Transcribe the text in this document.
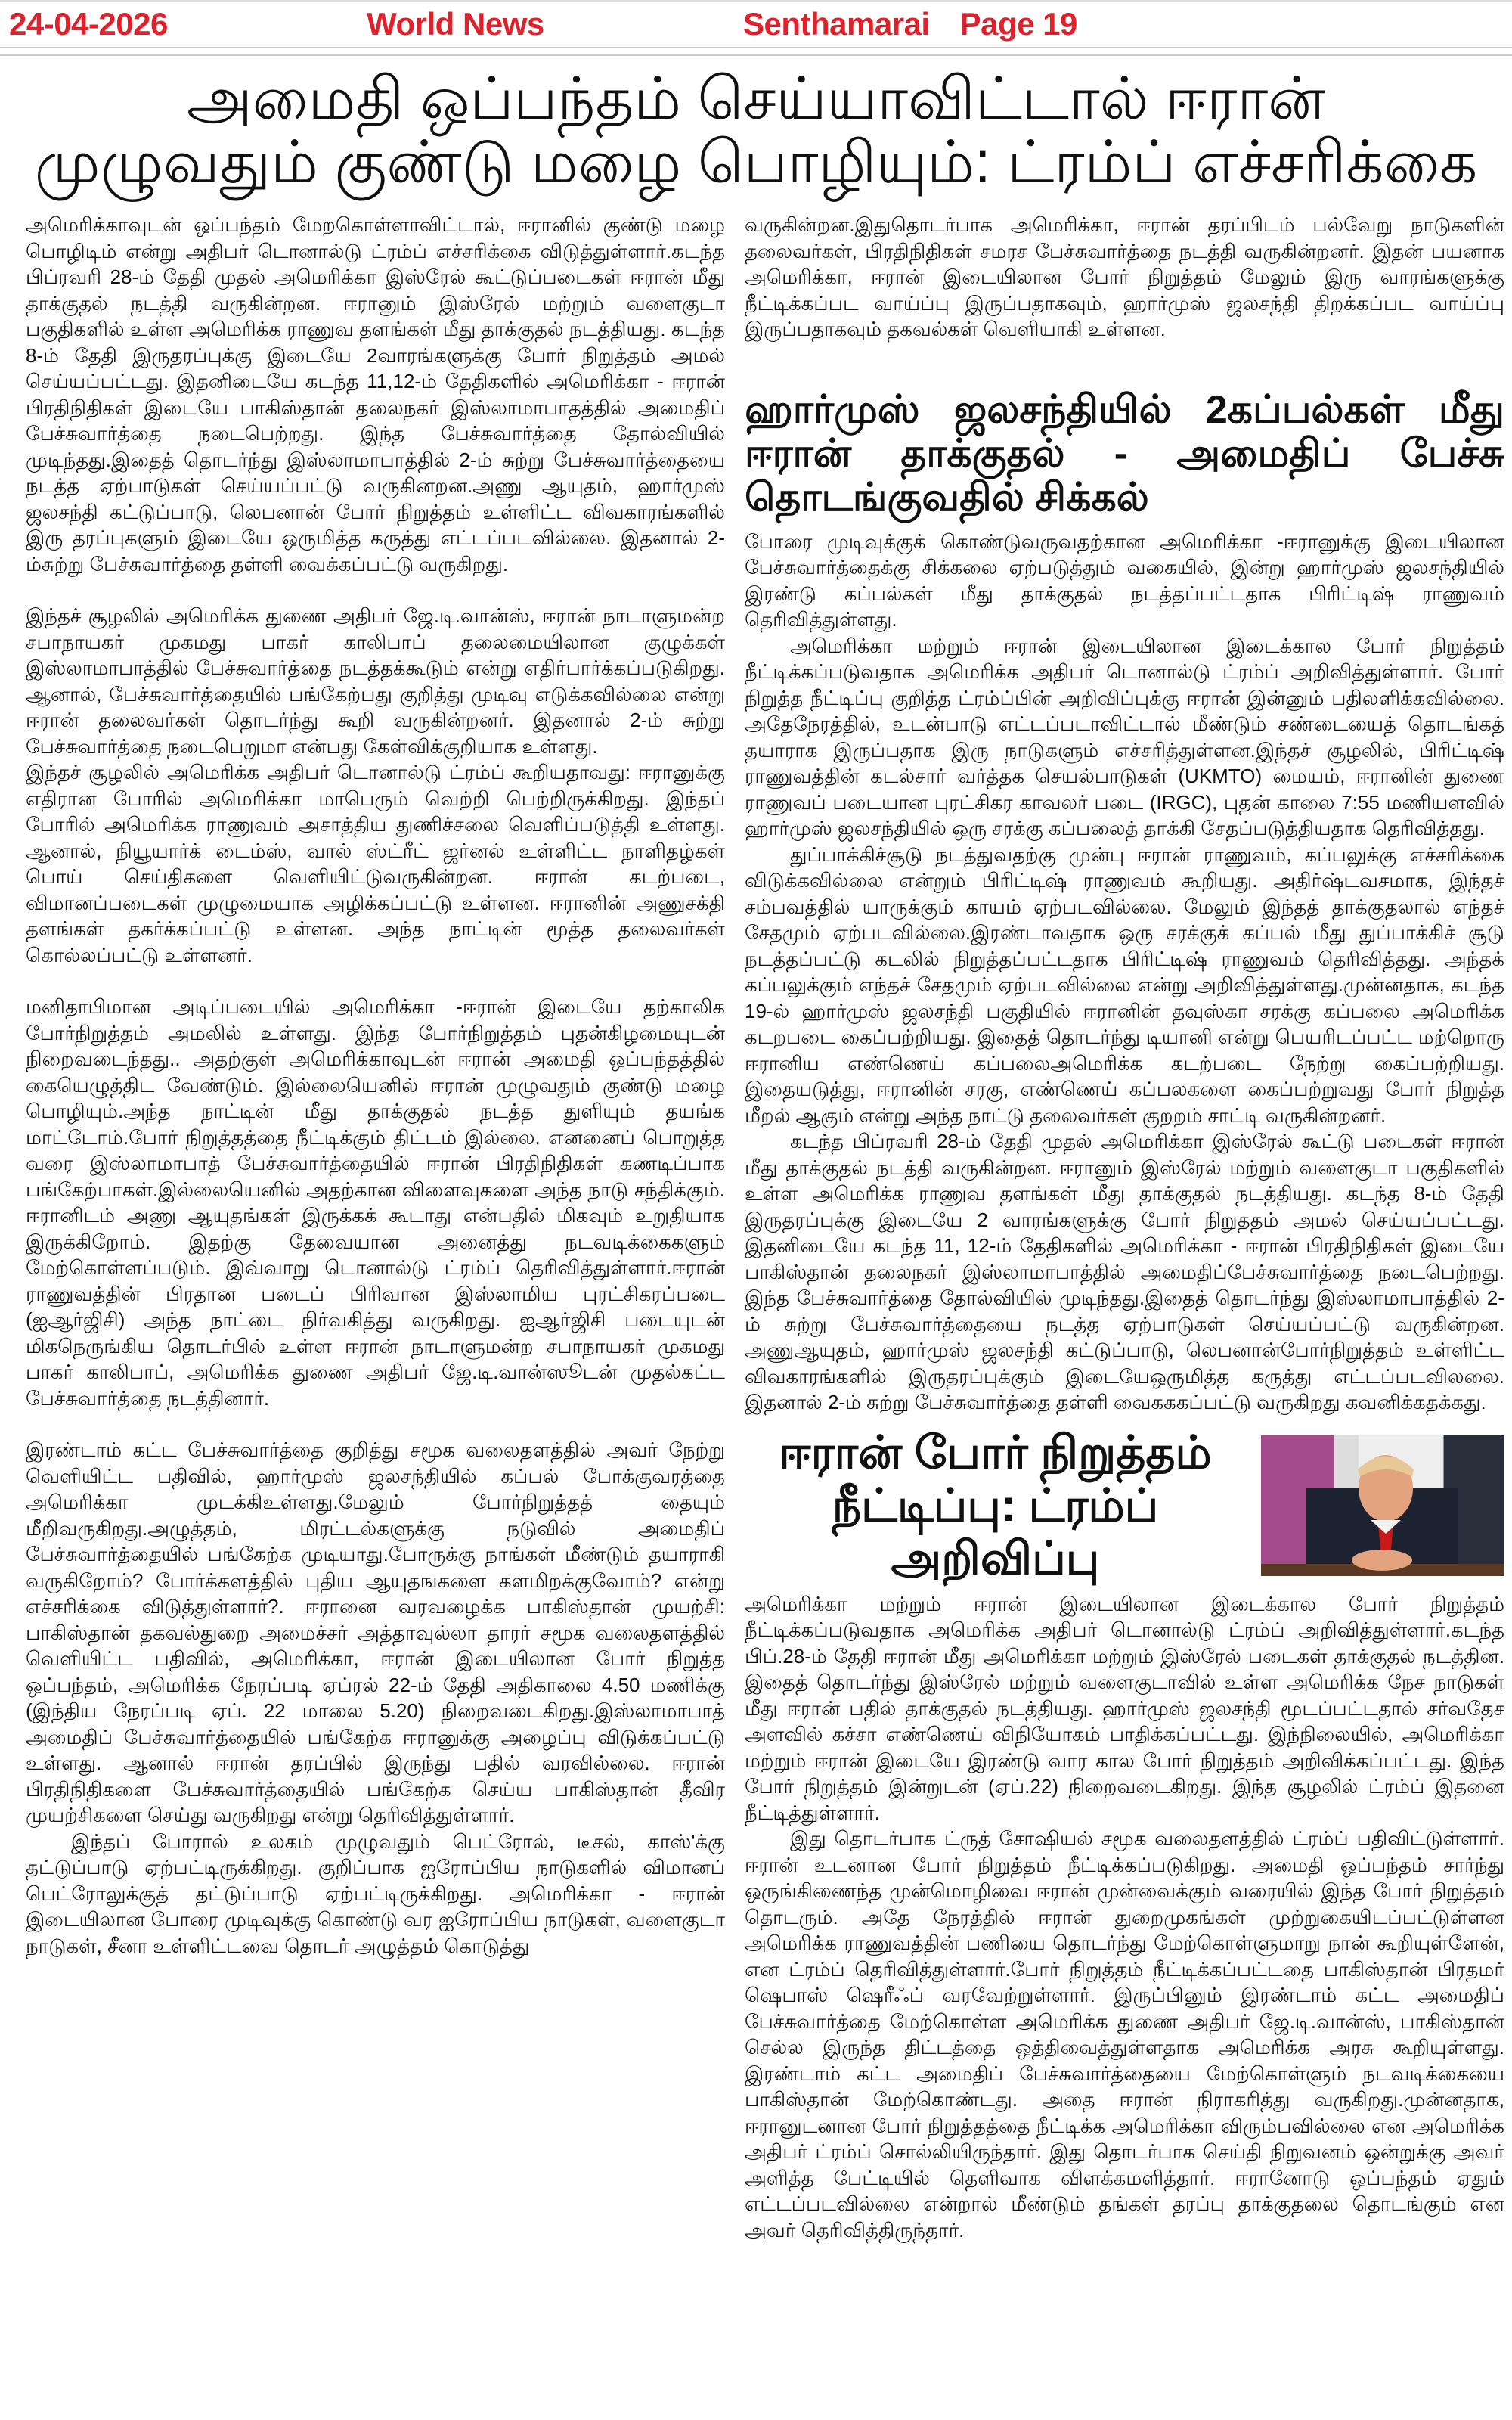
24-04-2026	World News	Senthamarai Page 19
அமைதி ஒப்பந்தம் செய்யாவிட்டால் ஈரான்
முழுவதும் குண்டு மழை பொழியும்: ட்ரம்ப் எச்சரிக்கை

அமெரிக்காவுடன் ஒப்பந்தம் மேறகொள்ளாவிட்டால், ஈரானில் குண்டு மழை பொழிடிம் என்று அதிபர் டொனால்டு ட்ரம்ப் எச்சரிக்கை விடுத்துள்ளார்.கடந்த பிப்ரவரி 28-ம் தேதி முதல் அமெரிக்கா இஸ்ரேல் கூட்டுப்படைகள் ஈரான் மீது தாக்குதல் நடத்தி வருகின்றன. ஈரானும் இஸ்ரேல் மற்றும் வளைகுடா பகுதிகளில் உள்ள அமெரிக்க ராணுவ தளங்கள் மீது தாக்குதல் நடத்தியது. கடந்த 8-ம் தேதி இருதரப்புக்கு இடையே 2வாரங்களுக்கு போர் நிறுத்தம் அமல் செய்யப்பட்டது. இதனிடையே கடந்த 11,12-ம் தேதிகளில் அமெரிக்கா - ஈரான் பிரதிநிதிகள் இடையே பாகிஸ்தான் தலைநகர் இஸ்லாமாபாதத்தில் அமைதிப் பேச்சுவார்த்தை நடைபெற்றது. இந்த பேச்சுவார்த்தை தோல்வியில் முடிந்தது.இதைத் தொடர்ந்து இஸ்லாமாபாத்தில் 2-ம் சுற்று பேச்சுவார்த்தையை நடத்த ஏற்பாடுகள் செய்யப்பட்டு வருகினறன.அணு ஆயுதம், ஹார்முஸ் ஜலசந்தி கட்டுப்பாடு, லெபனான் போர் நிறுத்தம் உள்ளிட்ட விவகாரங்களில் இரு தரப்புகளும் இடையே ஒருமித்த கருத்து எட்டப்படவில்லை. இதனால் 2-ம்சுற்று பேச்சுவார்த்தை தள்ளி வைக்கப்பட்டு வருகிறது.

இந்தச் சூழலில் அமெரிக்க துணை அதிபர் ஜே.டி.வான்ஸ், ஈரான் நாடாளுமன்ற சபாநாயகர் முகமது பாகர் காலிபாப் தலைமையிலான குழுக்கள் இஸ்லாமாபாத்தில் பேச்சுவார்த்தை நடத்தக்கூடும் என்று எதிர்பார்க்கப்படுகிறது. ஆனால், பேச்சுவார்த்தையில் பங்கேற்பது குறித்து முடிவு எடுக்கவில்லை என்று ஈரான் தலைவர்கள் தொடர்ந்து கூறி வருகின்றனர். இதனால் 2-ம் சுற்று பேச்சுவார்த்தை நடைபெறுமா என்பது கேள்விக்குறியாக உள்ளது.
இந்தச் சூழலில் அமெரிக்க அதிபர் டொனால்டு ட்ரம்ப் கூறியதாவது: ஈரானுக்கு எதிரான போரில் அமெரிக்கா மாபெரும் வெற்றி பெற்றிருக்கிறது. இந்தப் போரில் அமெரிக்க ராணுவம் அசாத்திய துணிச்சலை வெளிப்படுத்தி உள்ளது. ஆனால், நியூயார்க் டைம்ஸ், வால் ஸ்ட்ரீட் ஜர்னல் உள்ளிட்ட நாளிதழ்கள் பொய் செய்திகளை வெளியிட்டுவருகின்றன. ஈரான் கடற்படை, விமானப்படைகள் முழுமையாக அழிக்கப்பட்டு உள்ளன. ஈரானின் அணுசக்தி தளங்கள் தகர்க்கப்பட்டு உள்ளன. அந்த நாட்டின் மூத்த தலைவர்கள் கொல்லப்பட்டு உள்ளனர்.

மனிதாபிமான அடிப்படையில் அமெரிக்கா -ஈரான் இடையே தற்காலிக போர்நிறுத்தம் அமலில் உள்ளது. இந்த போர்நிறுத்தம் புதன்கிழமையுடன் நிறைவடைந்தது.. அதற்குள் அமெரிக்காவுடன் ஈரான் அமைதி ஒப்பந்தத்தில் கையெழுத்திட வேண்டும். இல்லையெனில் ஈரான் முழுவதும் குண்டு மழை பொழியும்.அந்த நாட்டின் மீது தாக்குதல் நடத்த துளியும் தயங்க மாட்டோம்.போர் நிறுத்தத்தை நீட்டிக்கும் திட்டம் இல்லை. எனனைப் பொறுத்த வரை இஸ்லாமாபாத் பேச்சுவார்த்தையில் ஈரான் பிரதிநிதிகள் கணடிப்பாக பங்கேற்பாகள்.இல்லையெனில் அதற்கான விளைவுகளை அந்த நாடு சந்திக்கும். ஈரானிடம் அணு ஆயுதங்கள் இருக்கக் கூடாது என்பதில் மிகவும் உறுதியாக இருக்கிறோம். இதற்கு தேவையான அனைத்து நடவடிக்கைகளும் மேற்கொள்ளப்படும். இவ்வாறு டொனால்டு ட்ரம்ப் தெரிவித்துள்ளார்.ஈரான் ராணுவத்தின் பிரதான படைப் பிரிவான இஸ்லாமிய புரட்சிகரப்படை (ஐஆர்ஜிசி) அந்த நாட்டை நிர்வகித்து வருகிறது. ஐஆர்ஜிசி படையுடன் மிகநெருங்கிய தொடர்பில் உள்ள ஈரான் நாடாளுமன்ற சபாநாயகர் முகமது பாகர் காலிபாப், அமெரிக்க துணை அதிபர் ஜே.டி.வான்ஸூடன் முதல்கட்ட பேச்சுவார்த்தை நடத்தினார்.

இரண்டாம் கட்ட பேச்சுவார்த்தை குறித்து சமூக வலைதளத்தில் அவர் நேற்று வெளியிட்ட பதிவில், ஹார்முஸ் ஜலசந்தியில் கப்பல் போக்குவரத்தை அமெரிக்கா முடக்கிஉள்ளது.மேலும் போர்நிறுத்தத் தையும் மீறிவருகிறது.அழுத்தம், மிரட்டல்களுக்கு நடுவில் அமைதிப் பேச்சுவார்த்தையில் பங்கேற்க முடியாது.போருக்கு நாங்கள் மீண்டும் தயாராகி வருகிறோம்? போர்க்களத்தில் புதிய ஆயுதஙகளை களமிறக்குவோம்? என்று எச்சரிக்கை விடுத்துள்ளார்?. ஈரானை வரவழைக்க பாகிஸ்தான் முயற்சி: பாகிஸ்தான் தகவல்துறை அமைச்சர் அத்தாவுல்லா தாரர் சமூக வலைதளத்தில் வெளியிட்ட பதிவில், அமெரிக்கா, ஈரான் இடையிலான போர் நிறுத்த ஒப்பந்தம், அமெரிக்க நேரப்படி ஏப்ரல் 22-ம் தேதி அதிகாலை 4.50 மணிக்கு (இந்திய நேரப்படி ஏப். 22 மாலை 5.20) நிறைவடைகிறது.இஸ்லாமாபாத் அமைதிப் பேச்சுவார்த்தையில் பங்கேற்க ஈரானுக்கு அழைப்பு விடுக்கப்பட்டு உள்ளது. ஆனால் ஈரான் தரப்பில் இருந்து பதில் வரவில்லை. ஈரான் பிரதிநிதிகளை பேச்சுவார்த்தையில் பங்கேற்க செய்ய பாகிஸ்தான் தீவிர முயற்சிகளை செய்து வருகிறது என்று தெரிவித்துள்ளார்.

இந்தப் போரால் உலகம் முழுவதும் பெட்ரோல், டீசல், காஸ்'க்கு தட்டுப்பாடு ஏற்பட்டிருக்கிறது. குறிப்பாக ஐரோப்பிய நாடுகளில் விமானப் பெட்ரோலுக்குத் தட்டுப்பாடு ஏற்பட்டிருக்கிறது. அமெரிக்கா - ஈரான் இடையிலான போரை முடிவுக்கு கொண்டு வர ஐரோப்பிய நாடுகள், வளைகுடா நாடுகள், சீனா உள்ளிட்டவை தொடர் அழுத்தம் கொடுத்து

வருகின்றன.இதுதொடர்பாக அமெரிக்கா, ஈரான் தரப்பிடம் பல்வேறு நாடுகளின் தலைவர்கள், பிரதிநிதிகள் சமரச பேச்சுவார்த்தை நடத்தி வருகின்றனர். இதன் பயனாக அமெரிக்கா, ஈரான் இடையிலான போர் நிறுத்தம் மேலும் இரு வாரங்களுக்கு நீட்டிக்கப்பட வாய்ப்பு இருப்பதாகவும், ஹார்முஸ் ஜலசந்தி திறக்கப்பட வாய்ப்பு இருப்பதாகவும் தகவல்கள் வெளியாகி உள்ளன.

ஹார்முஸ் ஜலசந்தியில் 2கப்பல்கள் மீது ஈரான் தாக்குதல் - அமைதிப் பேச்சு தொடங்குவதில் சிக்கல்

போரை முடிவுக்குக் கொண்டுவருவதற்கான அமெரிக்கா -ஈரானுக்கு இடையிலான பேச்சுவார்த்தைக்கு சிக்கலை ஏற்படுத்தும் வகையில், இன்று ஹார்முஸ் ஜலசந்தியில் இரண்டு கப்பல்கள் மீது தாக்குதல் நடத்தப்பட்டதாக பிரிட்டிஷ் ராணுவம் தெரிவித்துள்ளது.

அமெரிக்கா மற்றும் ஈரான் இடையிலான இடைக்கால போர் நிறுத்தம் நீட்டிக்கப்படுவதாக அமெரிக்க அதிபர் டொனால்டு ட்ரம்ப் அறிவித்துள்ளார். போர் நிறுத்த நீட்டிப்பு குறித்த ட்ரம்ப்பின் அறிவிப்புக்கு ஈரான் இன்னும் பதிலளிக்கவில்லை. அதேநேரத்தில், உடன்பாடு எட்டப்படாவிட்டால் மீண்டும் சண்டையைத் தொடங்கத் தயாராக இருப்பதாக இரு நாடுகளும் எச்சரித்துள்ளன.இந்தச் சூழலில், பிரிட்டிஷ் ராணுவத்தின் கடல்சார் வர்த்தக செயல்பாடுகள் (UKMTO) மையம், ஈரானின் துணை ராணுவப் படையான புரட்சிகர காவலர் படை (IRGC), புதன் காலை 7:55 மணியளவில் ஹார்முஸ் ஜலசந்தியில் ஒரு சரக்கு கப்பலைத் தாக்கி சேதப்படுத்தியதாக தெரிவித்தது.

துப்பாக்கிச்சூடு நடத்துவதற்கு முன்பு ஈரான் ராணுவம், கப்பலுக்கு எச்சரிக்கை விடுக்கவில்லை என்றும் பிரிட்டிஷ் ராணுவம் கூறியது. அதிர்ஷ்டவசமாக, இந்தச் சம்பவத்தில் யாருக்கும் காயம் ஏற்படவில்லை. மேலும் இந்தத் தாக்குதலால் எந்தச் சேதமும் ஏற்படவில்லை.இரண்டாவதாக ஒரு சரக்குக் கப்பல் மீது துப்பாக்கிச் சூடு நடத்தப்பட்டு கடலில் நிறுத்தப்பட்டதாக பிரிட்டிஷ் ராணுவம் தெரிவித்தது. அந்தக் கப்பலுக்கும் எந்தச் சேதமும் ஏற்படவில்லை என்று அறிவித்துள்ளது.முன்னதாக, கடந்த 19-ல் ஹார்முஸ் ஜலசந்தி பகுதியில் ஈரானின் தவுஸ்கா சரக்கு கப்பலை அமெரிக்க கடறபடை கைப்பற்றியது. இதைத் தொடர்ந்து டியானி என்று பெயரிடப்பட்ட மற்றொரு ஈரானிய எண்ணெய் கப்பலைஅமெரிக்க கடற்படை நேற்று கைப்பற்றியது. இதையடுத்து, ஈரானின் சரகு, எண்ணெய் கப்பலகளை கைப்பற்றுவது போர் நிறுத்த மீறல் ஆகும் என்று அந்த நாட்டு தலைவர்கள் குறறம் சாட்டி வருகின்றனர்.

கடந்த பிப்ரவரி 28-ம் தேதி முதல் அமெரிக்கா இஸ்ரேல் கூட்டு படைகள் ஈரான் மீது தாக்குதல் நடத்தி வருகின்றன. ஈரானும் இஸ்ரேல் மற்றும் வளைகுடா பகுதிகளில் உள்ள அமெரிக்க ராணுவ தளங்கள் மீது தாக்குதல் நடத்தியது. கடந்த 8-ம் தேதி இருதரப்புக்கு இடையே 2 வாரங்களுக்கு போர் நிறுததம் அமல் செய்யப்பட்டது. இதனிடையே கடந்த 11, 12-ம் தேதிகளில் அமெரிக்கா - ஈரான் பிரதிநிதிகள் இடையே பாகிஸ்தான் தலைநகர் இஸ்லாமாபாத்தில் அமைதிப்பேச்சுவார்த்தை நடைபெற்றது. இந்த பேச்சுவார்த்தை தோல்வியில் முடிந்தது.இதைத் தொடர்ந்து இஸ்லாமாபாத்தில் 2-ம் சுற்று பேச்சுவார்த்தையை நடத்த ஏற்பாடுகள் செய்யப்பட்டு வருகின்றன. அணுஆயுதம், ஹார்முஸ் ஜலசந்தி கட்டுப்பாடு, லெபனான்போர்நிறுத்தம் உள்ளிட்ட விவகாரங்களில் இருதரப்புக்கும் இடையேஒருமித்த கருத்து எட்டப்படவிலலை. இதனால் 2-ம் சுற்று பேச்சுவார்த்தை தள்ளி வைகககப்பட்டு வருகிறது கவனிக்கதக்கது.

ஈரான் போர் நிறுத்தம்
நீட்டிப்பு: ட்ரம்ப் அறிவிப்பு

அமெரிக்கா மற்றும் ஈரான் இடையிலான இடைக்கால போர் நிறுத்தம் நீட்டிக்கப்படுவதாக அமெரிக்க அதிபர் டொனால்டு ட்ரம்ப் அறிவித்துள்ளார்.கடந்த பிப்.28-ம் தேதி ஈரான் மீது அமெரிக்கா மற்றும் இஸ்ரேல் படைகள் தாக்குதல் நடத்தின. இதைத் தொடர்ந்து இஸ்ரேல் மற்றும் வளைகுடாவில் உள்ள அமெரிக்க நேச நாடுகள் மீது ஈரான் பதில் தாக்குதல் நடத்தியது. ஹார்முஸ் ஜலசந்தி மூடப்பட்டதால் சர்வதேச அளவில் கச்சா எண்ணெய் விநியோகம் பாதிக்கப்பட்டது. இந்நிலையில், அமெரிக்கா மற்றும் ஈரான் இடையே இரண்டு வார கால போர் நிறுத்தம் அறிவிக்கப்பட்டது. இந்த போர் நிறுத்தம் இன்றுடன் (ஏப்.22) நிறைவடைகிறது. இந்த சூழலில் ட்ரம்ப் இதனை நீட்டித்துள்ளார்.

இது தொடர்பாக ட்ருத் சோஷியல் சமூக வலைதளத்தில் ட்ரம்ப் பதிவிட்டுள்ளார். ஈரான் உடனான போர் நிறுத்தம் நீட்டிக்கப்படுகிறது. அமைதி ஒப்பந்தம் சார்ந்து ஒருங்கிணைந்த முன்மொழிவை ஈரான் முன்வைக்கும் வரையில் இந்த போர் நிறுத்தம் தொடரும். அதே நேரத்தில் ஈரான் துறைமுகங்கள் முற்றுகையிடப்பட்டுள்ளன அமெரிக்க ராணுவத்தின் பணியை தொடர்ந்து மேற்கொள்ளுமாறு நான் கூறியுள்ளேன், என ட்ரம்ப் தெரிவித்துள்ளார்.போர் நிறுத்தம் நீட்டிக்கப்பட்டதை பாகிஸ்தான் பிரதமர் ஷெபாஸ் ஷெரீஃப் வரவேற்றுள்ளார். இருப்பினும் இரண்டாம் கட்ட அமைதிப் பேச்சுவார்த்தை மேற்கொள்ள அமெரிக்க துணை அதிபர் ஜே.டி.வான்ஸ், பாகிஸ்தான் செல்ல இருந்த திட்டத்தை ஒத்திவைத்துள்ளதாக அமெரிக்க அரசு கூறியுள்ளது. இரண்டாம் கட்ட அமைதிப் பேச்சுவார்த்தையை மேற்கொள்ளும் நடவடிக்கையை பாகிஸ்தான் மேற்கொண்டது. அதை ஈரான் நிராகரித்து வருகிறது.முன்னதாக, ஈரானுடனான போர் நிறுத்தத்தை நீட்டிக்க அமெரிக்கா விரும்பவில்லை என அமெரிக்க அதிபர் ட்ரம்ப் சொல்லியிருந்தார். இது தொடர்பாக செய்தி நிறுவனம் ஒன்றுக்கு அவர் அளித்த பேட்டியில் தெளிவாக விளக்கமளித்தார். ஈரானோடு ஒப்பந்தம் ஏதும் எட்டப்படவில்லை என்றால் மீண்டும் தங்கள் தரப்பு தாக்குதலை தொடங்கும் என அவர் தெரிவித்திருந்தார்.
